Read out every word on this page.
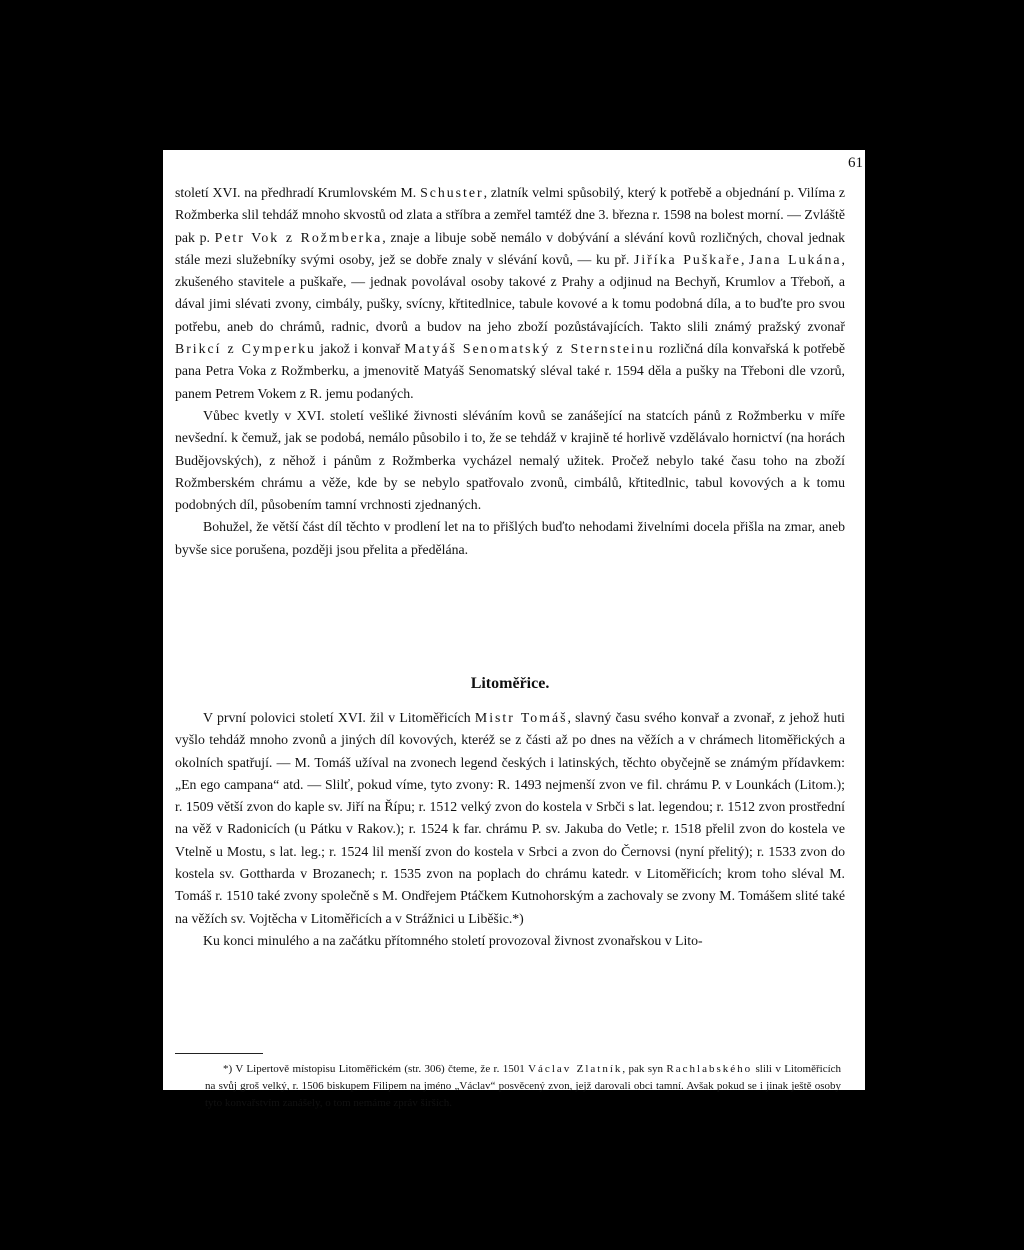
61

století XVI. na předhradí Krumlovském M. Schuster, zlatník velmi spůsobilý, který k potřebě a objednání p. Vilíma z Rožmberka slil tehdáž mnoho skvostů od zlata a stříbra a zemřel tamtéž dne 3. března r. 1598 na bolest morní. — Zvláště pak p. Petr Vok z Rožmberka, znaje a libuje sobě nemálo v dobývání a slévání kovů rozličných, choval jednak stále mezi služebníky svými osoby, jež se dobře znaly v slévání kovů, — ku př. Jiříka Puškaře, Jana Lukána, zkušeného stavitele a puškaře, — jednak povolával osoby takové z Prahy a odjinud na Bechyň, Krumlov a Třeboň, a dával jimi slévati zvony, cimbály, pušky, svícny, křtitedlnice, tabule kovové a k tomu podobná díla, a to buďte pro svou potřebu, aneb do chrámů, radnic, dvorů a budov na jeho zboží pozůstávajících. Takto slili známý pražský zvonař Brikcí z Cymperku jakož i konvař Matyáš Senomatský z Sternsteinu rozličná díla konvařská k potřebě pana Petra Voka z Rožmberku, a jmenovitě Matyáš Senomatský sléval také r. 1594 děla a pušky na Třeboni dle vzorů, panem Petrem Vokem z R. jemu podaných.

Vůbec kvetly v XVI. století vešliké živnosti sléváním kovů se zanášející na statcích pánů z Rožmberku v míře nevšední. k čemuž, jak se podobá, nemálo působilo i to, že se tehdáž v krajině té horlivě vzdělávalo hornictví (na horách Budějovských), z něhož i pánům z Rožmberka vycházel nemalý užitek. Pročež nebylo také času toho na zboží Rožmberském chrámu a věže, kde by se nebylo spatřovalo zvonů, cimbálů, křtitedlnic, tabul kovových a k tomu podobných díl, působením tamní vrchnosti zjednaných.

Bohužel, že větší část díl těchto v prodlení let na to přišlých buďto nehodami živelními docela přišla na zmar, aneb byvše sice porušena, později jsou přelita a předělána.

Litoměřice.

V první polovici století XVI. žil v Litoměřicích Mistr Tomáš, slavný času svého konvař a zvonař, z jehož huti vyšlo tehdáž mnoho zvonů a jiných díl kovových, kteréž se z části až po dnes na věžích a v chrámech litoměřických a okolních spatřují. — M. Tomáš užíval na zvonech legend českých i latinských, těchto obyčejně se známým přídavkem: „En ego campana“ atd. — Slilť, pokud víme, tyto zvony: R. 1493 nejmenší zvon ve fil. chrámu P. v Lounkách (Litom.); r. 1509 větší zvon do kaple sv. Jiří na Řípu; r. 1512 velký zvon do kostela v Srbči s lat. legendou; r. 1512 zvon prostřední na věž v Radonicích (u Pátku v Rakov.); r. 1524 k far. chrámu P. sv. Jakuba do Vetle; r. 1518 přelil zvon do kostela ve Vtelně u Mostu, s lat. leg.; r. 1524 lil menší zvon do kostela v Srbci a zvon do Černovsi (nyní přelitý); r. 1533 zvon do kostela sv. Gottharda v Brozanech; r. 1535 zvon na poplach do chrámu katedr. v Litoměřicích; krom toho sléval M. Tomáš r. 1510 také zvony společně s M. Ondřejem Ptáčkem Kutnohorským a zachovaly se zvony M. Tomášem slité také na věžích sv. Vojtěcha v Litoměřicích a v Strážnici u Liběšic.*)

Ku konci minulého a na začátku přítomného století provozoval živnost zvonařskou v Lito-

*) V Lipertově místopisu Litoměřickém (str. 306) čteme, že r. 1501 Václav Zlatník, pak syn Rachlabského slili v Litoměřicích na svůj groš velký, r. 1506 biskupem Filipem na jméno „Václav“ posvěcený zvon, jejž darovali obci tamní. Avšak pokud se i jinak ještě osoby tyto konvařstvím zanášely, o tom nemáme zpráv širších.
